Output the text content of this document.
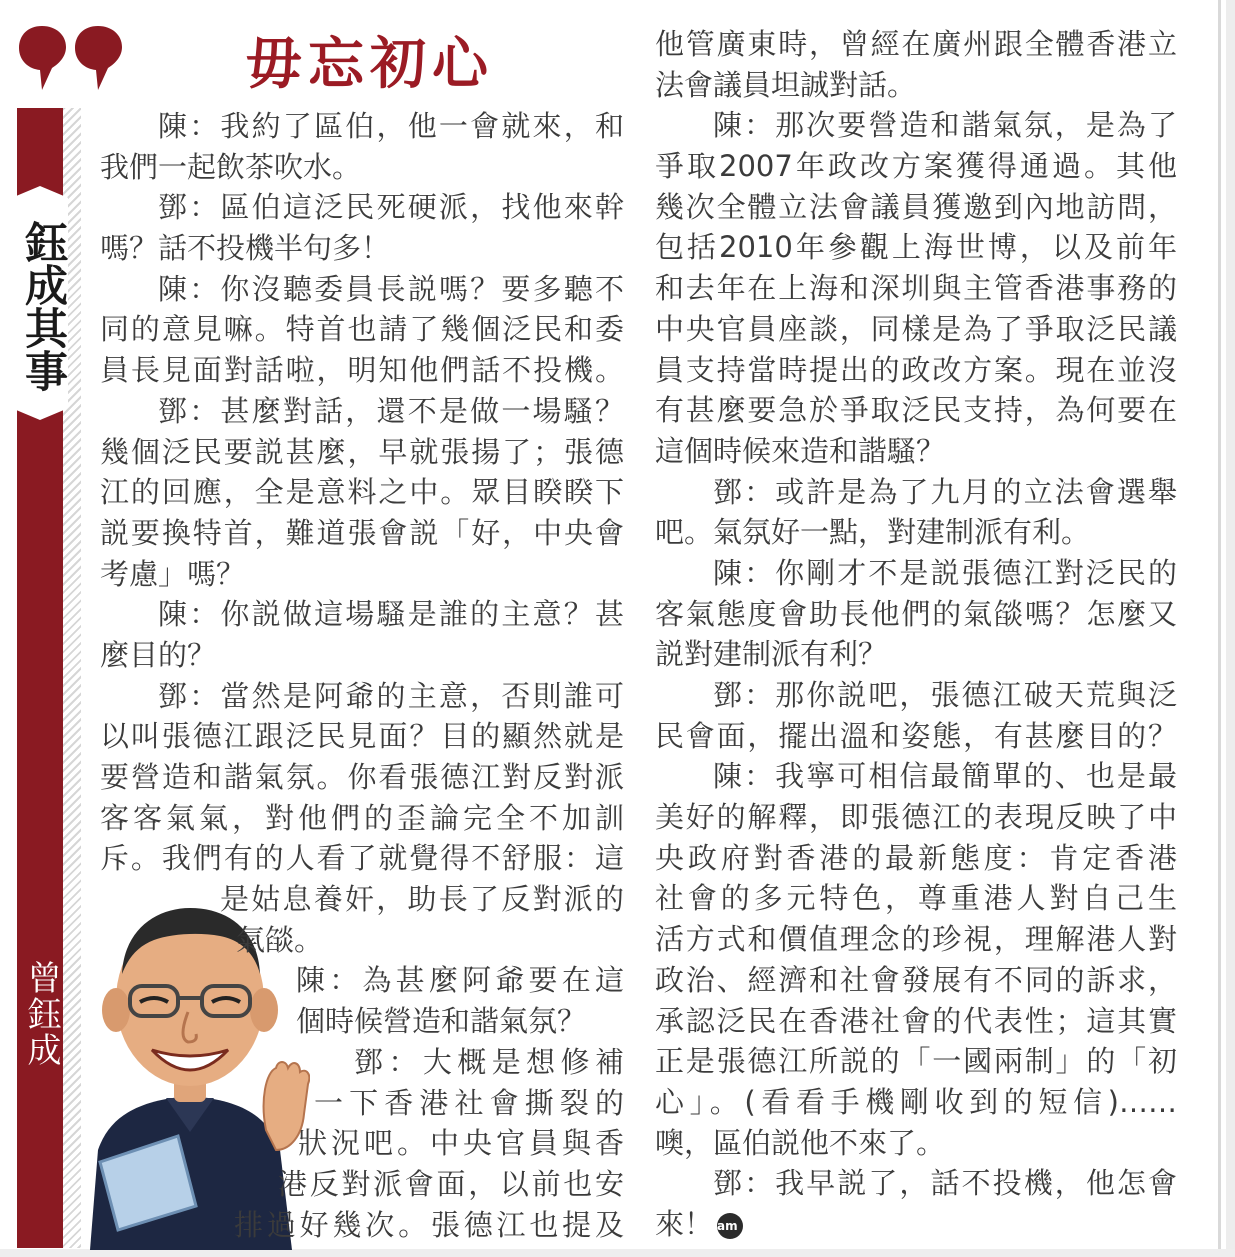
毋忘初心
鈺成其事
曾鈺成
陳：我約了區伯，他一會就來，和
我們一起飲茶吹水。
鄧：區伯這泛民死硬派，找他來幹
嗎？話不投機半句多！
陳：你沒聽委員長説嗎？要多聽不
同的意見嘛。特首也請了幾個泛民和委
員長見面對話啦，明知他們話不投機。
鄧：甚麼對話，還不是做一場騷？
幾個泛民要説甚麼，早就張揚了；張德
江的回應，全是意料之中。眾目睽睽下
説要換特首，難道張會説「好，中央會
考慮」嗎？
陳：你説做這場騷是誰的主意？甚
麼目的？
鄧：當然是阿爺的主意，否則誰可
以叫張德江跟泛民見面？目的顯然就是
要營造和諧氣氛。你看張德江對反對派
客客氣氣，對他們的歪論完全不加訓
斥。我們有的人看了就覺得不舒服：這
是姑息養奸，助長了反對派的
氣燄。
陳：為甚麼阿爺要在這
個時候營造和諧氣氛？
鄧：大概是想修補
一下香港社會撕裂的
狀況吧。中央官員與香
港反對派會面，以前也安
排過好幾次。張德江也提及
他管廣東時，曾經在廣州跟全體香港立
法會議員坦誠對話。
陳：那次要營造和諧氣氛，是為了
爭取2007年政改方案獲得通過。其他
幾次全體立法會議員獲邀到內地訪問，
包括2010年參觀上海世博，以及前年
和去年在上海和深圳與主管香港事務的
中央官員座談，同樣是為了爭取泛民議
員支持當時提出的政改方案。現在並沒
有甚麼要急於爭取泛民支持，為何要在
這個時候來造和諧騷？
鄧：或許是為了九月的立法會選舉
吧。氣氛好一點，對建制派有利。
陳：你剛才不是説張德江對泛民的
客氣態度會助長他們的氣燄嗎？怎麼又
説對建制派有利？
鄧：那你説吧，張德江破天荒與泛
民會面，擺出溫和姿態，有甚麼目的？
陳：我寧可相信最簡單的、也是最
美好的解釋，即張德江的表現反映了中
央政府對香港的最新態度：肯定香港
社會的多元特色，尊重港人對自己生
活方式和價值理念的珍視，理解港人對
政治、經濟和社會發展有不同的訴求，
承認泛民在香港社會的代表性；這其實
正是張德江所説的「一國兩制」的「初
心」。(看看手機剛收到的短信)……
噢，區伯説他不來了。
鄧：我早説了，話不投機，他怎會
來！ am
